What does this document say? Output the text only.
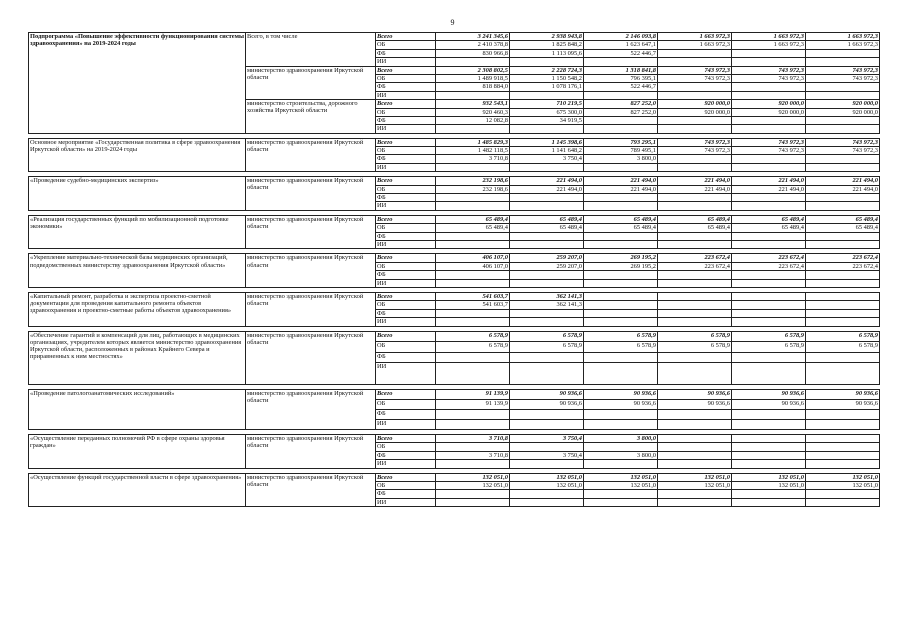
9
Подпрограмма «Повышение эффективности функционирования системы здравоохранения» на 2019-2024 годы	Всего, в том числе	Всего	3 241 345,6	2 938 943,8	2 146 093,8	1 663 972,3	1 663 972,3	1 663 972,3
		ОБ	2 410 378,8	1 825 848,2	1 623 647,1	1 663 972,3	1 663 972,3	1 663 972,3
		ФБ	830 966,8	1 113 095,6	522 446,7			
		ИИ						
	министерство здравоохранения Иркутской области	Всего	2 308 802,5	2 228 724,3	1 318 841,8	743 972,3	743 972,3	743 972,3
		ОБ	1 489 918,5	1 150 548,2	796 395,1	743 972,3	743 972,3	743 972,3
		ФБ	818 884,0	1 078 176,1	522 446,7			
		ИИ						
	министерство строительства, дорожного хозяйства Иркутской области	Всего	932 543,1	710 219,5	827 252,0	920 000,0	920 000,0	920 000,0
		ОБ	920 460,3	675 300,0	827 252,0	920 000,0	920 000,0	920 000,0
		ФБ	12 082,8	34 919,5				
		ИИ						

Основное мероприятие «Государственная политика в сфере здравоохранения Иркутской области» на 2019-2024 годы	министерство здравоохранения Иркутской области	Всего	1 485 829,3	1 145 398,6	793 295,1	743 972,3	743 972,3	743 972,3
		ОБ	1 482 118,5	1 141 648,2	789 495,1	743 972,3	743 972,3	743 972,3
		ФБ	3 710,8	3 750,4	3 800,0			
		ИИ						

«Проведение судебно-медицинских экспертиз»	министерство здравоохранения Иркутской области	Всего	232 198,6	221 494,0	221 494,0	221 494,0	221 494,0	221 494,0
		ОБ	232 198,6	221 494,0	221 494,0	221 494,0	221 494,0	221 494,0
		ФБ						
		ИИ						

«Реализация государственных функций по мобилизационной подготовке экономики»	министерство здравоохранения Иркутской области	Всего	65 489,4	65 489,4	65 489,4	65 489,4	65 489,4	65 489,4
		ОБ	65 489,4	65 489,4	65 489,4	65 489,4	65 489,4	65 489,4
		ФБ						
		ИИ						

«Укрепление материально-технической базы медицинских организаций, подведомственных министерству здравоохранения Иркутской области»	министерство здравоохранения Иркутской области	Всего	406 107,0	259 207,0	269 195,2	223 672,4	223 672,4	223 672,4
		ОБ	406 107,0	259 207,0	269 195,2	223 672,4	223 672,4	223 672,4
		ФБ						
		ИИ						

«Капитальный ремонт, разработка и экспертиза проектно-сметной документации для проведения капитального ремонта объектов здравоохранения и проектно-сметные работы объектов здравоохранения»	министерство здравоохранения Иркутской области	Всего	541 603,7	362 141,3				
		ОБ	541 603,7	362 141,3				
		ФБ						
		ИИ						

«Обеспечение гарантий и компенсаций для лиц, работающих в медицинских организациях, учредителем которых является министерство здравоохранения Иркутской области, расположенных в районах Крайнего Севера и приравненных к ним местностях»	министерство здравоохранения Иркутской области	Всего	6 578,9	6 578,9	6 578,9	6 578,9	6 578,9	6 578,9
		ОБ	6 578,9	6 578,9	6 578,9	6 578,9	6 578,9	6 578,9
		ФБ						
		ИИ						

«Проведение патологоанатомических исследований»	министерство здравоохранения Иркутской области	Всего	91 139,9	90 936,6	90 936,6	90 936,6	90 936,6	90 936,6
		ОБ	91 139,9	90 936,6	90 936,6	90 936,6	90 936,6	90 936,6
		ФБ						
		ИИ						

«Осуществление переданных полномочий РФ в сфере охраны здоровья граждан»	министерство здравоохранения Иркутской области	Всего	3 710,8	3 750,4	3 800,0			
		ОБ						
		ФБ	3 710,8	3 750,4	3 800,0			
		ИИ						

«Осуществление функций государственной власти в сфере здравоохранения»	министерство здравоохранения Иркутской области	Всего	132 051,0	132 051,0	132 051,0	132 051,0	132 051,0	132 051,0
		ОБ	132 051,0	132 051,0	132 051,0	132 051,0	132 051,0	132 051,0
		ФБ						
		ИИ						
